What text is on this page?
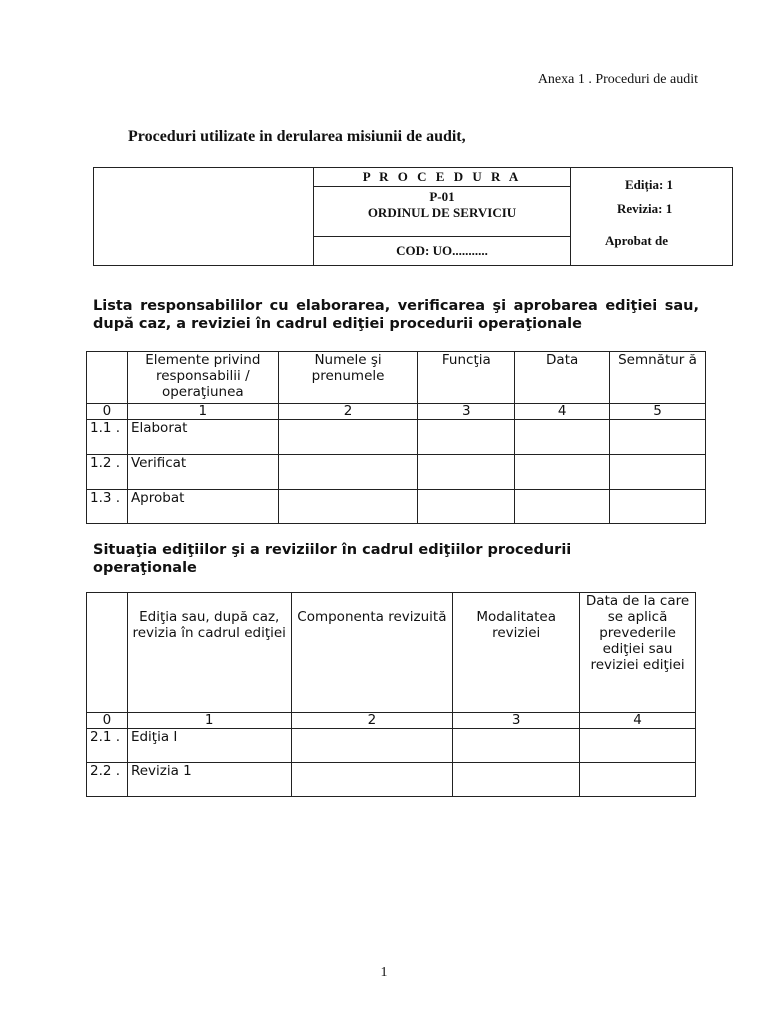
Anexa 1 . Proceduri de audit
Proceduri utilizate in derularea misiunii de audit,
P R O C E D U R A
P-01
ORDINUL DE SERVICIU
COD: UO...........
Ediția: 1
Revizia: 1
Aprobat de
Lista responsabililor cu elaborarea, verificarea şi aprobarea ediţiei sau, după caz, a reviziei în cadrul ediţiei procedurii operaţionale
	Elemente privind responsabilii / operaţiunea	Numele şi prenumele	Funcţia	Data	Semnătur ă
0	1	2	3	4	5
1.1 .	Elaborat				
1.2 .	Verificat				
1.3 .	Aprobat				
Situaţia ediţiilor şi a reviziilor în cadrul ediţiilor procedurii operaţionale
	Ediţia sau, după caz, revizia în cadrul ediţiei	Componenta revizuită	Modalitatea reviziei	Data de la care se aplică prevederile ediţiei sau reviziei ediţiei
0	1	2	3	4
2.1 .	Ediţia I			
2.2 .	Revizia 1			
1
